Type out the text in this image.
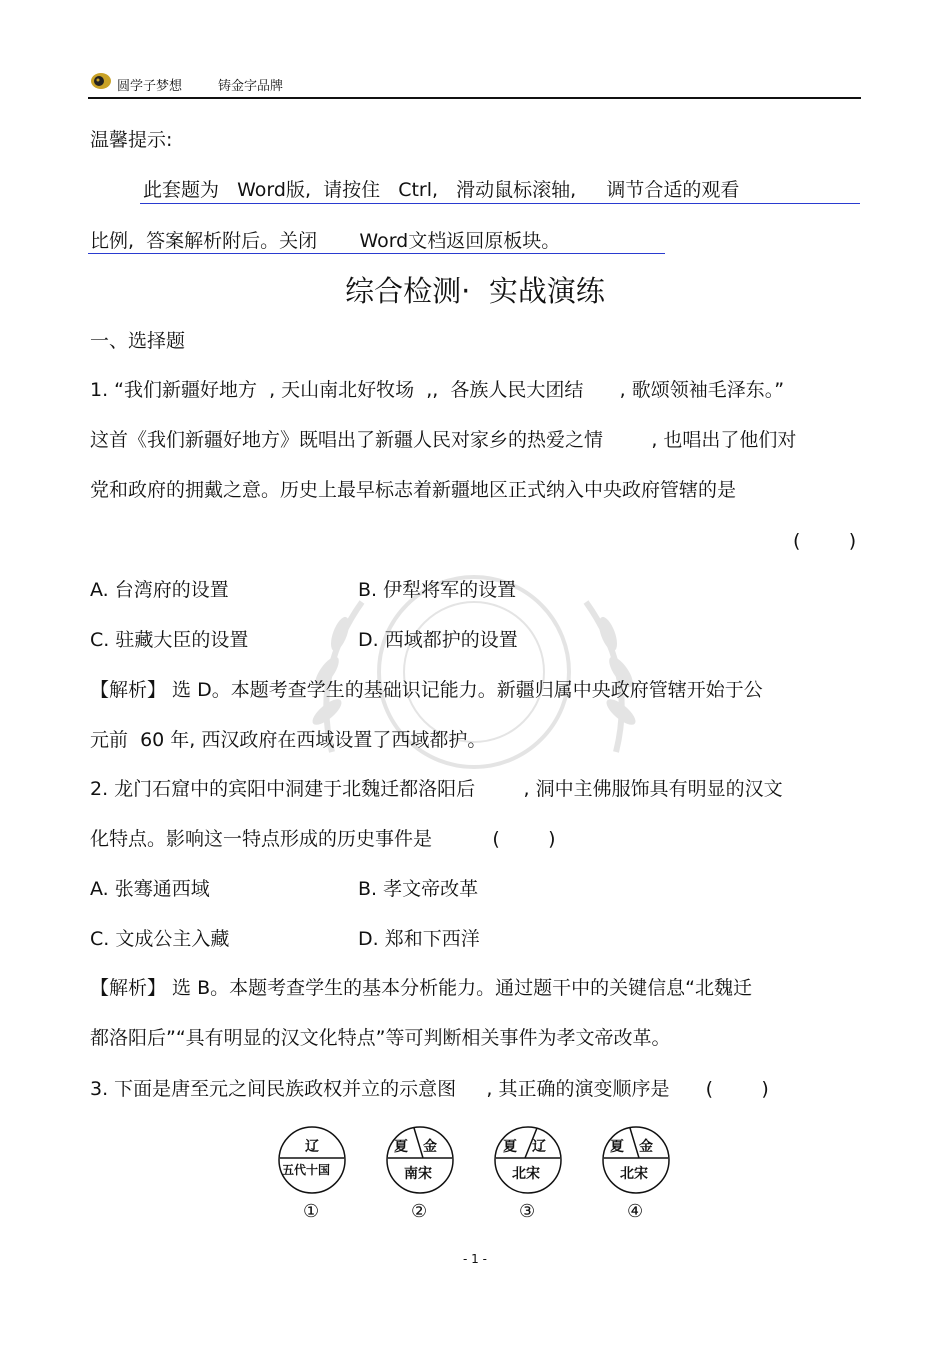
圆学子梦想	铸金字品牌
温馨提示:
此套题为   Word版,  请按住   Ctrl,   滑动鼠标滚轴,     调节合适的观看
比例,  答案解析附后。关闭       Word文档返回原板块。
综合检测·  实战演练
一、选择题
1. “我们新疆好地方  , 天山南北好牧场  ,,  各族人民大团结      , 歌颂领袖毛泽东。”
这首《我们新疆好地方》既唱出了新疆人民对家乡的热爱之情        , 也唱出了他们对
党和政府的拥戴之意。历史上最早标志着新疆地区正式纳入中央政府管辖的是
(        )
A. 台湾府的设置	B. 伊犁将军的设置
C. 驻藏大臣的设置	D. 西域都护的设置
【解析】 选 D。本题考查学生的基础识记能力。新疆归属中央政府管辖开始于公
元前  60 年, 西汉政府在西域设置了西域都护。
2. 龙门石窟中的宾阳中洞建于北魏迁都洛阳后        , 洞中主佛服饰具有明显的汉文
化特点。影响这一特点形成的历史事件是          (        )
A. 张骞通西域	B. 孝文帝改革
C. 文成公主入藏	D. 郑和下西洋
【解析】 选 B。本题考查学生的基本分析能力。通过题干中的关键信息“北魏迁
都洛阳后”“具有明显的汉文化特点”等可判断相关事件为孝文帝改革。
3. 下面是唐至元之间民族政权并立的示意图     , 其正确的演变顺序是      (        )
辽
五代十国
①
夏 金
南宋
②
夏 辽
北宋
③
夏 金
北宋
④
- 1 -
